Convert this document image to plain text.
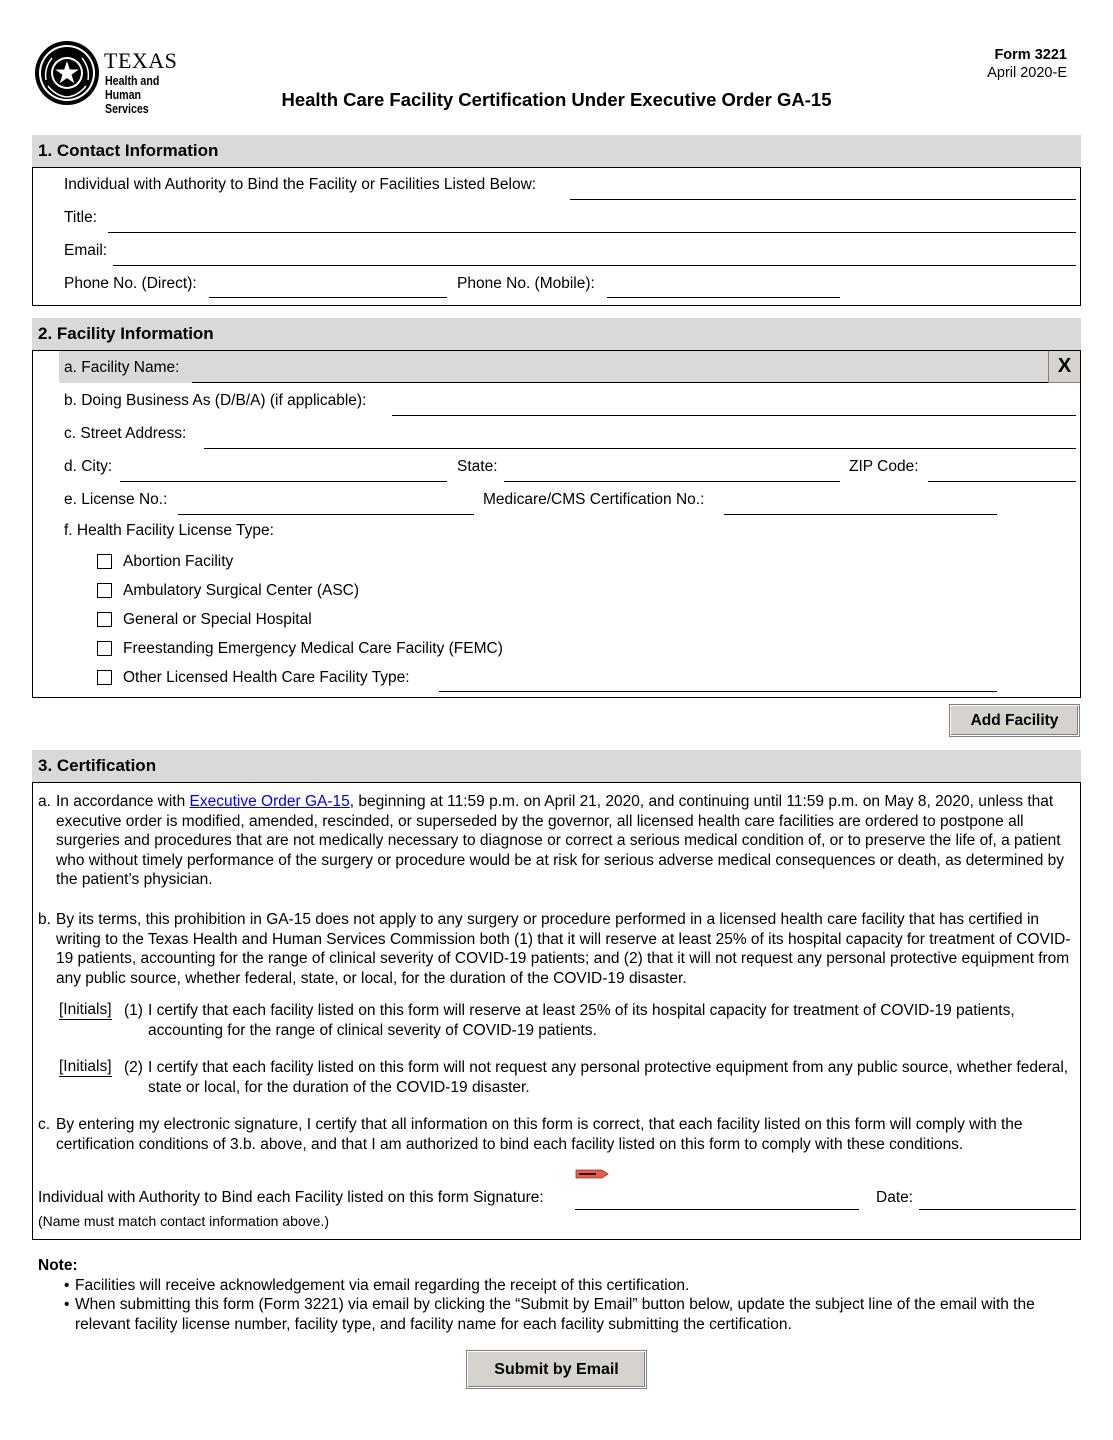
TEXAS
Health and Human
Services
Form 3221
April 2020-E
Health Care Facility Certification Under Executive Order GA-15
1. Contact Information
Individual with Authority to Bind the Facility or Facilities Listed Below:
Title:
Email:
Phone No. (Direct):	Phone No. (Mobile):
2. Facility Information
a. Facility Name:	X
b. Doing Business As (D/B/A) (if applicable):
c. Street Address:
d. City:	State:	ZIP Code:
e. License No.:	Medicare/CMS Certification No.:
f. Health Facility License Type:
Abortion Facility
Ambulatory Surgical Center (ASC)
General or Special Hospital
Freestanding Emergency Medical Care Facility (FEMC)
Other Licensed Health Care Facility Type:
Add Facility
3. Certification
a. In accordance with Executive Order GA-15, beginning at 11:59 p.m. on April 21, 2020, and continuing until 11:59 p.m. on May 8, 2020, unless that executive order is modified, amended, rescinded, or superseded by the governor, all licensed health care facilities are ordered to postpone all surgeries and procedures that are not medically necessary to diagnose or correct a serious medical condition of, or to preserve the life of, a patient who without timely performance of the surgery or procedure would be at risk for serious adverse medical consequences or death, as determined by the patient’s physician.
b. By its terms, this prohibition in GA-15 does not apply to any surgery or procedure performed in a licensed health care facility that has certified in writing to the Texas Health and Human Services Commission both (1) that it will reserve at least 25% of its hospital capacity for treatment of COVID-19 patients, accounting for the range of clinical severity of COVID-19 patients; and (2) that it will not request any personal protective equipment from any public source, whether federal, state, or local, for the duration of the COVID-19 disaster.
[Initials] (1) I certify that each facility listed on this form will reserve at least 25% of its hospital capacity for treatment of COVID-19 patients, accounting for the range of clinical severity of COVID-19 patients.
[Initials] (2) I certify that each facility listed on this form will not request any personal protective equipment from any public source, whether federal, state or local, for the duration of the COVID-19 disaster.
c. By entering my electronic signature, I certify that all information on this form is correct, that each facility listed on this form will comply with the certification conditions of 3.b. above, and that I am authorized to bind each facility listed on this form to comply with these conditions.
Individual with Authority to Bind each Facility listed on this form Signature:	Date:
(Name must match contact information above.)
Note:
• Facilities will receive acknowledgement via email regarding the receipt of this certification.
• When submitting this form (Form 3221) via email by clicking the “Submit by Email” button below, update the subject line of the email with the relevant facility license number, facility type, and facility name for each facility submitting the certification.
Submit by Email
